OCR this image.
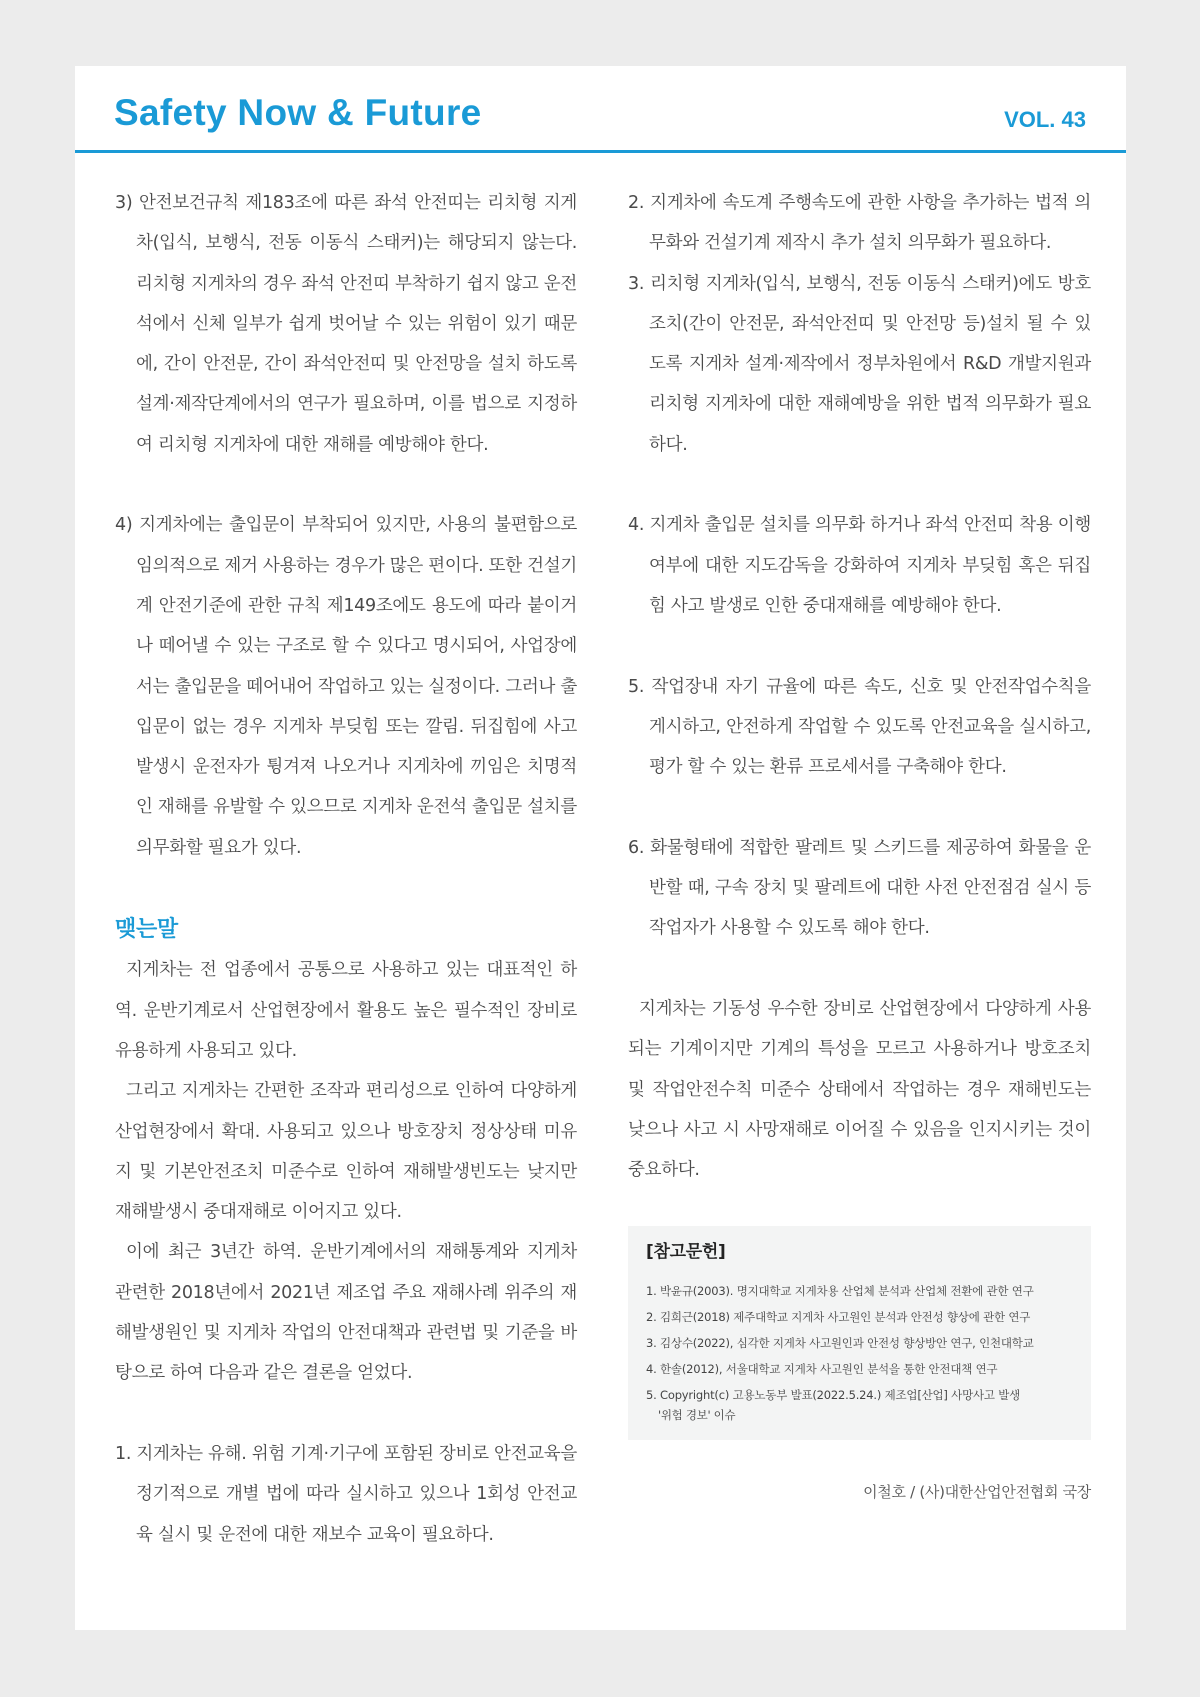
Safety Now & Future	VOL. 43

3) 안전보건규칙 제183조에 따른 좌석 안전띠는 리치형 지게차(입식, 보행식, 전동 이동식 스태커)는 해당되지 않는다. 리치형 지게차의 경우 좌석 안전띠 부착하기 쉽지 않고 운전석에서 신체 일부가 쉽게 벗어날 수 있는 위험이 있기 때문에, 간이 안전문, 간이 좌석안전띠 및 안전망을 설치 하도록 설계·제작단계에서의 연구가 필요하며, 이를 법으로 지정하여 리치형 지게차에 대한 재해를 예방해야 한다.

4) 지게차에는 출입문이 부착되어 있지만, 사용의 불편함으로 임의적으로 제거 사용하는 경우가 많은 편이다. 또한 건설기계 안전기준에 관한 규칙 제149조에도 용도에 따라 붙이거나 떼어낼 수 있는 구조로 할 수 있다고 명시되어, 사업장에서는 출입문을 떼어내어 작업하고 있는 실정이다. 그러나 출입문이 없는 경우 지게차 부딪힘 또는 깔림. 뒤집힘에 사고발생시 운전자가 튕겨져 나오거나 지게차에 끼임은 치명적인 재해를 유발할 수 있으므로 지게차 운전석 출입문 설치를 의무화할 필요가 있다.

맺는말

지게차는 전 업종에서 공통으로 사용하고 있는 대표적인 하역. 운반기계로서 산업현장에서 활용도 높은 필수적인 장비로 유용하게 사용되고 있다.

그리고 지게차는 간편한 조작과 편리성으로 인하여 다양하게 산업현장에서 확대. 사용되고 있으나 방호장치 정상상태 미유지 및 기본안전조치 미준수로 인하여 재해발생빈도는 낮지만 재해발생시 중대재해로 이어지고 있다.

이에 최근 3년간 하역. 운반기계에서의 재해통계와 지게차 관련한 2018년에서 2021년 제조업 주요 재해사례 위주의 재해발생원인 및 지게차 작업의 안전대책과 관련법 및 기준을 바탕으로 하여 다음과 같은 결론을 얻었다.

1. 지게차는 유해. 위험 기계·기구에 포함된 장비로 안전교육을 정기적으로 개별 법에 따라 실시하고 있으나 1회성 안전교육 실시 및 운전에 대한 재보수 교육이 필요하다.

2. 지게차에 속도계 주행속도에 관한 사항을 추가하는 법적 의무화와 건설기계 제작시 추가 설치 의무화가 필요하다.

3. 리치형 지게차(입식, 보행식, 전동 이동식 스태커)에도 방호조치(간이 안전문, 좌석안전띠 및 안전망 등)설치 될 수 있도록 지게차 설계·제작에서 정부차원에서 R&D 개발지원과 리치형 지게차에 대한 재해예방을 위한 법적 의무화가 필요하다.

4. 지게차 출입문 설치를 의무화 하거나 좌석 안전띠 착용 이행 여부에 대한 지도감독을 강화하여 지게차 부딪힘 혹은 뒤집힘 사고 발생로 인한 중대재해를 예방해야 한다.

5. 작업장내 자기 규율에 따른 속도, 신호 및 안전작업수칙을 게시하고, 안전하게 작업할 수 있도록 안전교육을 실시하고, 평가 할 수 있는 환류 프로세서를 구축해야 한다.

6. 화물형태에 적합한 팔레트 및 스키드를 제공하여 화물을 운반할 때, 구속 장치 및 팔레트에 대한 사전 안전점검 실시 등 작업자가 사용할 수 있도록 해야 한다.

지게차는 기동성 우수한 장비로 산업현장에서 다양하게 사용되는 기계이지만 기계의 특성을 모르고 사용하거나 방호조치 및 작업안전수칙 미준수 상태에서 작업하는 경우 재해빈도는 낮으나 사고 시 사망재해로 이어질 수 있음을 인지시키는 것이 중요하다.

[참고문헌]
1. 박윤규(2003). 명지대학교 지게차용 산업체 분석과 산업체 전환에 관한 연구
2. 김희근(2018) 제주대학교 지게차 사고원인 분석과 안전성 향상에 관한 연구
3. 김상수(2022), 심각한 지게차 사고원인과 안전성 향상방안 연구, 인천대학교
4. 한솔(2012), 서울대학교 지게차 사고원인 분석을 통한 안전대책 연구
5. Copyright(c) 고용노동부 발표(2022.5.24.) 제조업[산업] 사망사고 발생
'위험 경보' 이슈
이철호 / (사)대한산업안전협회 국장
